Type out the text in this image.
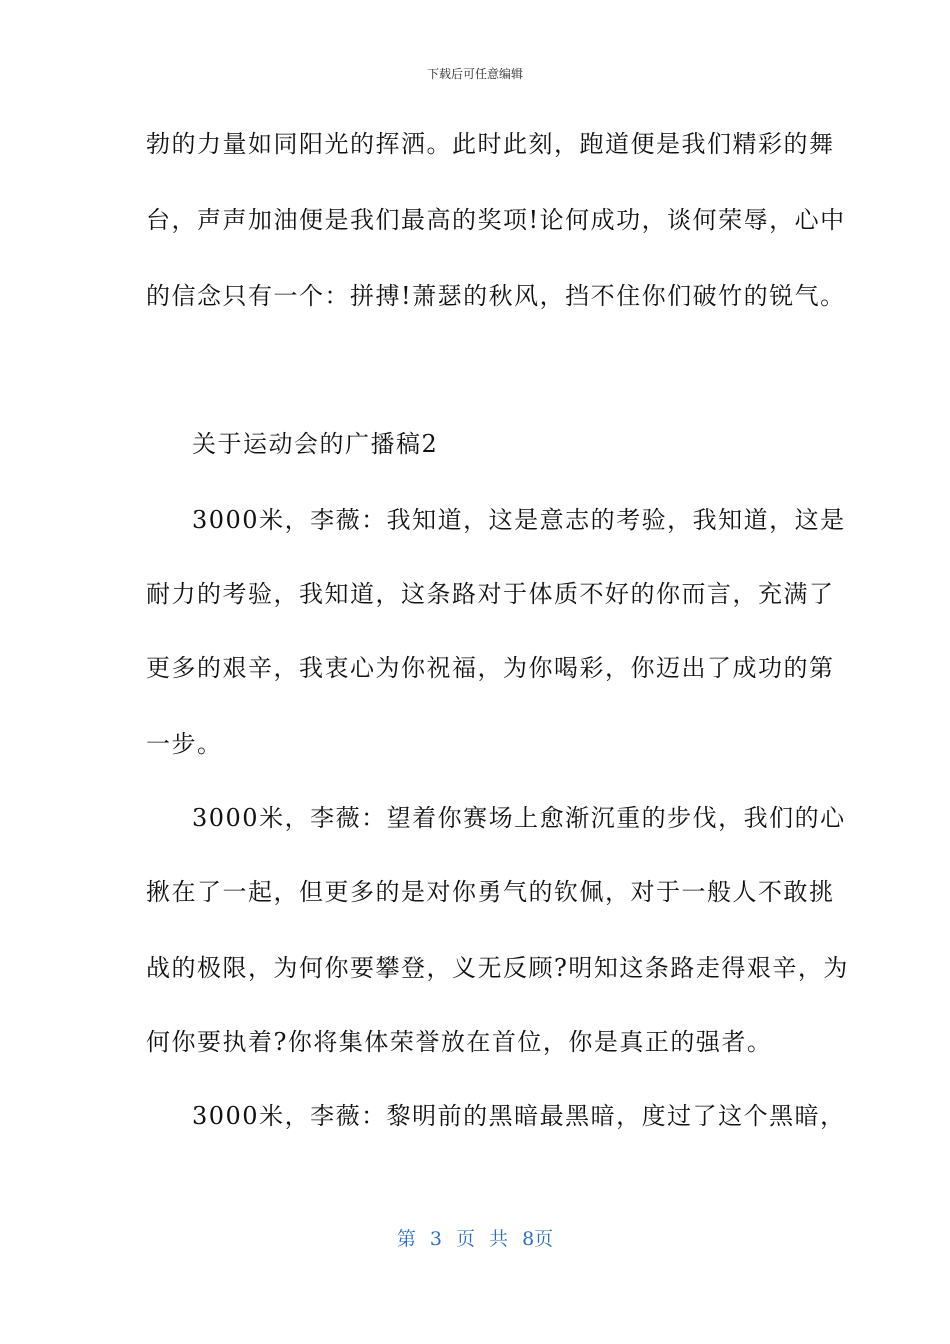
下载后可任意编辑
勃的力量如同阳光的挥洒。此时此刻，跑道便是我们精彩的舞
台，声声加油便是我们最高的奖项!论何成功，谈何荣辱，心中
的信念只有一个：拼搏!萧瑟的秋风，挡不住你们破竹的锐气。
关于运动会的广播稿2
3000米，李薇：我知道，这是意志的考验，我知道，这是
耐力的考验，我知道，这条路对于体质不好的你而言，充满了
更多的艰辛，我衷心为你祝福，为你喝彩，你迈出了成功的第
一步。
3000米，李薇：望着你赛场上愈渐沉重的步伐，我们的心
揪在了一起，但更多的是对你勇气的钦佩，对于一般人不敢挑
战的极限，为何你要攀登，义无反顾?明知这条路走得艰辛，为
何你要执着?你将集体荣誉放在首位，你是真正的强者。
3000米，李薇：黎明前的黑暗最黑暗，度过了这个黑暗，
第 3 页 共 8页
